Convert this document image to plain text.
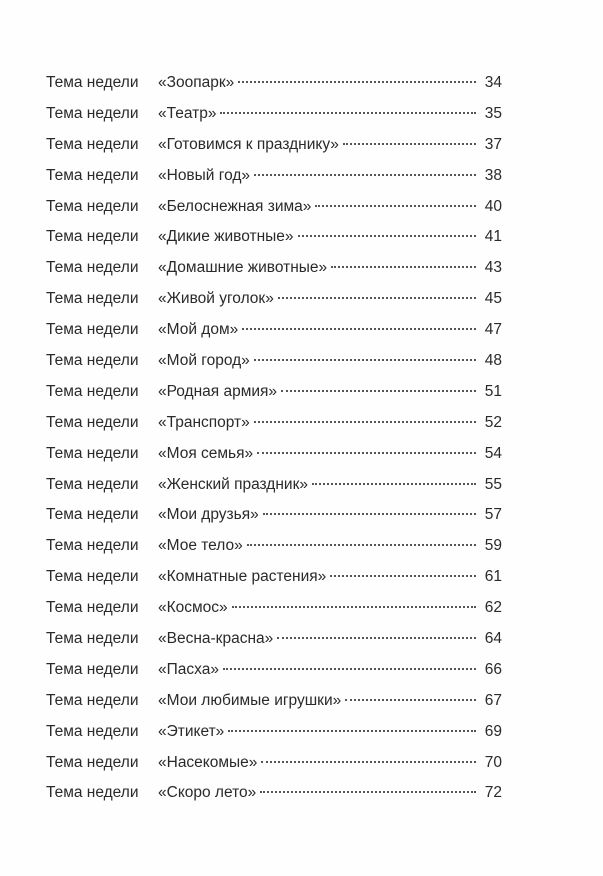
Тема недели	«Зоопарк»	34
Тема недели	«Театр»	35
Тема недели	«Готовимся к празднику»	37
Тема недели	«Новый год»	38
Тема недели	«Белоснежная зима»	40
Тема недели	«Дикие животные»	41
Тема недели	«Домашние животные»	43
Тема недели	«Живой уголок»	45
Тема недели	«Мой дом»	47
Тема недели	«Мой город»	48
Тема недели	«Родная армия»	51
Тема недели	«Транспорт»	52
Тема недели	«Моя семья»	54
Тема недели	«Женский праздник»	55
Тема недели	«Мои друзья»	57
Тема недели	«Мое тело»	59
Тема недели	«Комнатные растения»	61
Тема недели	«Космос»	62
Тема недели	«Весна-красна»	64
Тема недели	«Пасха»	66
Тема недели	«Мои любимые игрушки»	67
Тема недели	«Этикет»	69
Тема недели	«Насекомые»	70
Тема недели	«Скоро лето»	72
